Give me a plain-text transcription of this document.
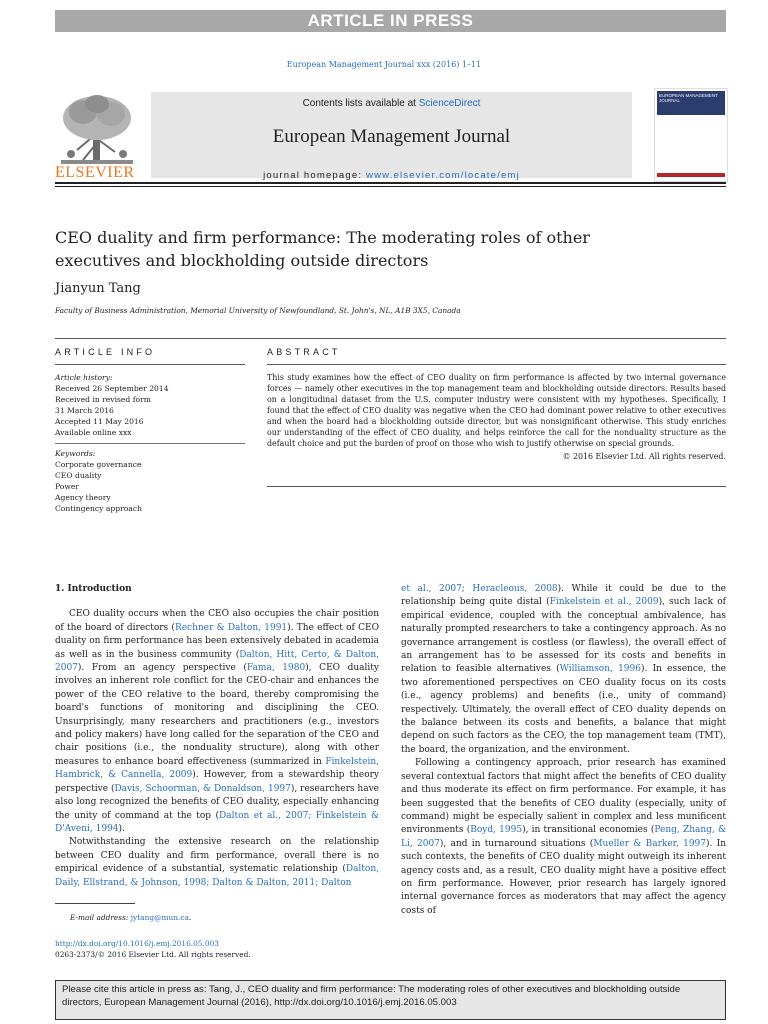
ARTICLE IN PRESS
European Management Journal xxx (2016) 1–11
ELSEVIER
Contents lists available at ScienceDirect
European Management Journal
journal homepage: www.elsevier.com/locate/emj
EUROPEAN MANAGEMENT JOURNAL
CEO duality and firm performance: The moderating roles of other executives and blockholding outside directors
Jianyun Tang
Faculty of Business Administration, Memorial University of Newfoundland, St. John's, NL, A1B 3X5, Canada
ARTICLE INFO	ABSTRACT
Article history:
Received 26 September 2014
Received in revised form
31 March 2016
Accepted 11 May 2016
Available online xxx
Keywords:
Corporate governance
CEO duality
Power
Agency theory
Contingency approach
This study examines how the effect of CEO duality on firm performance is affected by two internal governance forces — namely other executives in the top management team and blockholding outside directors. Results based on a longitudinal dataset from the U.S. computer industry were consistent with my hypotheses. Specifically, I found that the effect of CEO duality was negative when the CEO had dominant power relative to other executives and when the board had a blockholding outside director, but was nonsignificant otherwise. This study enriches our understanding of the effect of CEO duality, and helps reinforce the call for the nonduality structure as the default choice and put the burden of proof on those who wish to justify otherwise on special grounds.
© 2016 Elsevier Ltd. All rights reserved.
1. Introduction

CEO duality occurs when the CEO also occupies the chair position of the board of directors (Rechner & Dalton, 1991). The effect of CEO duality on firm performance has been extensively debated in academia as well as in the business community (Dalton, Hitt, Certo, & Dalton, 2007). From an agency perspective (Fama, 1980), CEO duality involves an inherent role conflict for the CEO-chair and enhances the power of the CEO relative to the board, thereby compromising the board's functions of monitoring and disciplining the CEO. Unsurprisingly, many researchers and practitioners (e.g., investors and policy makers) have long called for the separation of the CEO and chair positions (i.e., the nonduality structure), along with other measures to enhance board effectiveness (summarized in Finkelstein, Hambrick, & Cannella, 2009). However, from a stewardship theory perspective (Davis, Schoorman, & Donaldson, 1997), researchers have also long recognized the benefits of CEO duality, especially enhancing the unity of command at the top (Dalton et al., 2007; Finkelstein & D'Aveni, 1994).

Notwithstanding the extensive research on the relationship between CEO duality and firm performance, overall there is no empirical evidence of a substantial, systematic relationship (Dalton, Daily, Ellstrand, & Johnson, 1998; Dalton & Dalton, 2011; Dalton

et al., 2007; Heracleous, 2008). While it could be due to the relationship being quite distal (Finkelstein et al., 2009), such lack of empirical evidence, coupled with the conceptual ambivalence, has naturally prompted researchers to take a contingency approach. As no governance arrangement is costless (or flawless), the overall effect of an arrangement has to be assessed for its costs and benefits in relation to feasible alternatives (Williamson, 1996). In essence, the two aforementioned perspectives on CEO duality focus on its costs (i.e., agency problems) and benefits (i.e., unity of command) respectively. Ultimately, the overall effect of CEO duality depends on the balance between its costs and benefits, a balance that might depend on such factors as the CEO, the top management team (TMT), the board, the organization, and the environment.

Following a contingency approach, prior research has examined several contextual factors that might affect the benefits of CEO duality and thus moderate its effect on firm performance. For example, it has been suggested that the benefits of CEO duality (especially, unity of command) might be especially salient in complex and less munificent environments (Boyd, 1995), in transitional economies (Peng, Zhang, & Li, 2007), and in turnaround situations (Mueller & Barker, 1997). In such contexts, the benefits of CEO duality might outweigh its inherent agency costs and, as a result, CEO duality might have a positive effect on firm performance. However, prior research has largely ignored internal governance forces as moderators that may affect the agency costs of

E-mail address: jytang@mun.ca.
http://dx.doi.org/10.1016/j.emj.2016.05.003
0263-2373/© 2016 Elsevier Ltd. All rights reserved.
Please cite this article in press as: Tang, J., CEO duality and firm performance: The moderating roles of other executives and blockholding outside directors, European Management Journal (2016), http://dx.doi.org/10.1016/j.emj.2016.05.003
